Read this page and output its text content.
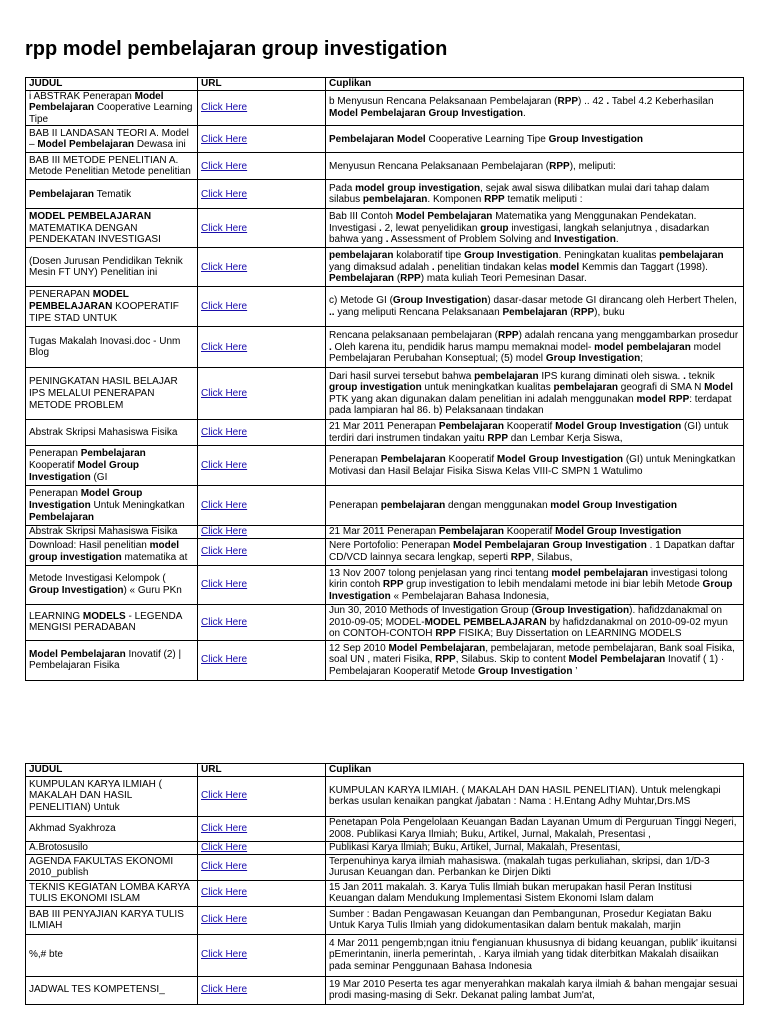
rpp model pembelajaran group investigation
JUDUL	URL	Cuplikan
i ABSTRAK Penerapan Model Pembelajaran Cooperative Learning Tipe	Click Here	b Menyusun Rencana Pelaksanaan Pembelajaran (RPP) .. 42 . Tabel 4.2 Keberhasilan Model Pembelajaran Group Investigation.
BAB II LANDASAN TEORI A. Model – Model Pembelajaran Dewasa ini	Click Here	Pembelajaran Model Cooperative Learning Tipe Group Investigation
BAB III METODE PENELITIAN A. Metode Penelitian Metode penelitian	Click Here	Menyusun Rencana Pelaksanaan Pembelajaran (RPP), meliputi:
Pembelajaran Tematik	Click Here	Pada model group investigation, sejak awal siswa dilibatkan mulai dari tahap dalam silabus pembelajaran. Komponen RPP tematik meliputi :
MODEL PEMBELAJARAN MATEMATIKA DENGAN PENDEKATAN INVESTIGASI	Click Here	Bab III Contoh Model Pembelajaran Matematika yang Menggunakan Pendekatan. Investigasi . 2, lewat penyelidikan group investigasi, langkah selanjutnya , disadarkan bahwa yang . Assessment of Problem Solving and Investigation.
(Dosen Jurusan Pendidikan Teknik Mesin FT UNY) Penelitian ini	Click Here	pembelajaran kolaboratif tipe Group Investigation. Peningkatan kualitas pembelajaran yang dimaksud adalah . penelitian tindakan kelas model Kemmis dan Taggart (1998). Pembelajaran (RPP) mata kuliah Teori Pemesinan Dasar.
PENERAPAN MODEL PEMBELAJARAN KOOPERATIF TIPE STAD UNTUK	Click Here	c) Metode GI (Group Investigation) dasar-dasar metode GI dirancang oleh Herbert Thelen, .. yang meliputi Rencana Pelaksanaan Pembelajaran (RPP), buku
Tugas Makalah Inovasi.doc - Unm Blog	Click Here	Rencana pelaksanaan pembelajaran (RPP) adalah rencana yang menggambarkan prosedur . Oleh karena itu, pendidik harus mampu memaknai model- model pembelajaran model Pembelajaran Perubahan Konseptual; (5) model Group Investigation;
PENINGKATAN HASIL BELAJAR IPS MELALUI PENERAPAN METODE PROBLEM	Click Here	Dari hasil survei tersebut bahwa pembelajaran IPS kurang diminati oleh siswa. . teknik group investigation untuk meningkatkan kualitas pembelajaran geografi di SMA N Model PTK yang akan digunakan dalam penelitian ini adalah menggunakan model RPP: terdapat pada lampiaran hal 86. b) Pelaksanaan tindakan
Abstrak Skripsi Mahasiswa Fisika	Click Here	21 Mar 2011 Penerapan Pembelajaran Kooperatif Model Group Investigation (GI) untuk terdiri dari instrumen tindakan yaitu RPP dan Lembar Kerja Siswa,
Penerapan Pembelajaran Kooperatif Model Group Investigation (GI	Click Here	Penerapan Pembelajaran Kooperatif Model Group Investigation (GI) untuk Meningkatkan Motivasi dan Hasil Belajar Fisika Siswa Kelas VIII-C SMPN 1 Watulimo
Penerapan Model Group Investigation Untuk Meningkatkan Pembelajaran	Click Here	Penerapan pembelajaran dengan menggunakan model Group Investigation
Abstrak Skripsi Mahasiswa Fisika	Click Here	21 Mar 2011 Penerapan Pembelajaran Kooperatif Model Group Investigation
Download: Hasil penelitian model group investigation matematika at	Click Here	Nere Portofolio: Penerapan Model Pembelajaran Group Investigation . 1 Dapatkan daftar CD/VCD lainnya secara lengkap, seperti RPP, Silabus,
Metode Investigasi Kelompok ( Group Investigation) « Guru PKn	Click Here	13 Nov 2007 tolong penjelasan yang rinci tentang model pembelajaran investigasi tolong kirin contoh RPP grup investigation to lebih mendalami metode ini biar lebih Metode Group Investigation « Pembelajaran Bahasa Indonesia,
LEARNING MODELS - LEGENDA MENGISI PERADABAN	Click Here	Jun 30, 2010 Methods of Investigation Group (Group Investigation). hafidzdanakmal on 2010-09-05; MODEL-MODEL PEMBELAJARAN by hafidzdanakmal on 2010-09-02 myun on CONTOH-CONTOH RPP FISIKA; Buy Dissertation on LEARNING MODELS
Model Pembelajaran Inovatif (2) | Pembelajaran Fisika	Click Here	12 Sep 2010 Model Pembelajaran, pembelajaran, metode pembelajaran, Bank soal Fisika, soal UN , materi Fisika, RPP, Silabus. Skip to content Model Pembelajaran Inovatif ( 1) · Pembelajaran Kooperatif Metode Group Investigation ’
JUDUL	URL	Cuplikan
KUMPULAN KARYA ILMIAH ( MAKALAH DAN HASIL PENELITIAN) Untuk	Click Here	KUMPULAN KARYA ILMIAH. ( MAKALAH DAN HASIL PENELITIAN). Untuk melengkapi berkas usulan kenaikan pangkat /jabatan : Nama : H.Entang Adhy Muhtar,Drs.MS
Akhmad Syakhroza	Click Here	Penetapan Pola Pengelolaan Keuangan Badan Layanan Umum di Perguruan Tinggi Negeri, 2008. Publikasi Karya Ilmiah; Buku, Artikel, Jurnal, Makalah, Presentasi ,
A.Brotosusilo	Click Here	Publikasi Karya Ilmiah; Buku, Artikel, Jurnal, Makalah, Presentasi,
AGENDA FAKULTAS EKONOMI 2010_publish	Click Here	Terpenuhinya karya ilmiah mahasiswa. (makalah tugas perkuliahan, skripsi, dan 1/D-3 Jurusan Keuangan dan. Perbankan ke Dirjen Dikti
TEKNIS KEGIATAN LOMBA KARYA TULIS EKONOMI ISLAM	Click Here	15 Jan 2011 makalah. 3. Karya Tulis Ilmiah bukan merupakan hasil Peran Institusi Keuangan dalam Mendukung Implementasi Sistem Ekonomi Islam dalam
BAB III PENYAJIAN KARYA TULIS ILMIAH	Click Here	Sumber : Badan Pengawasan Keuangan dan Pembangunan, Prosedur Kegiatan Baku Untuk Karya Tulis Ilmiah yang didokumentasikan dalam bentuk makalah, marjin
%,# bte	Click Here	4 Mar 2011 pengemb;ngan itniu f'engianuan khususnya di bidang keuangan, publik' ikuitansi pEmerintanin, iinerla pemerintah, . Karya ilmiah yang tidak diterbitkan Makalah disaiikan pada seminar Penggunaan Bahasa Indonesia
JADWAL TES KOMPETENSI_	Click Here	19 Mar 2010 Peserta tes agar menyerahkan makalah karya ilmiah & bahan mengajar sesuai prodi masing-masing di Sekr. Dekanat paling lambat Jum'at,
